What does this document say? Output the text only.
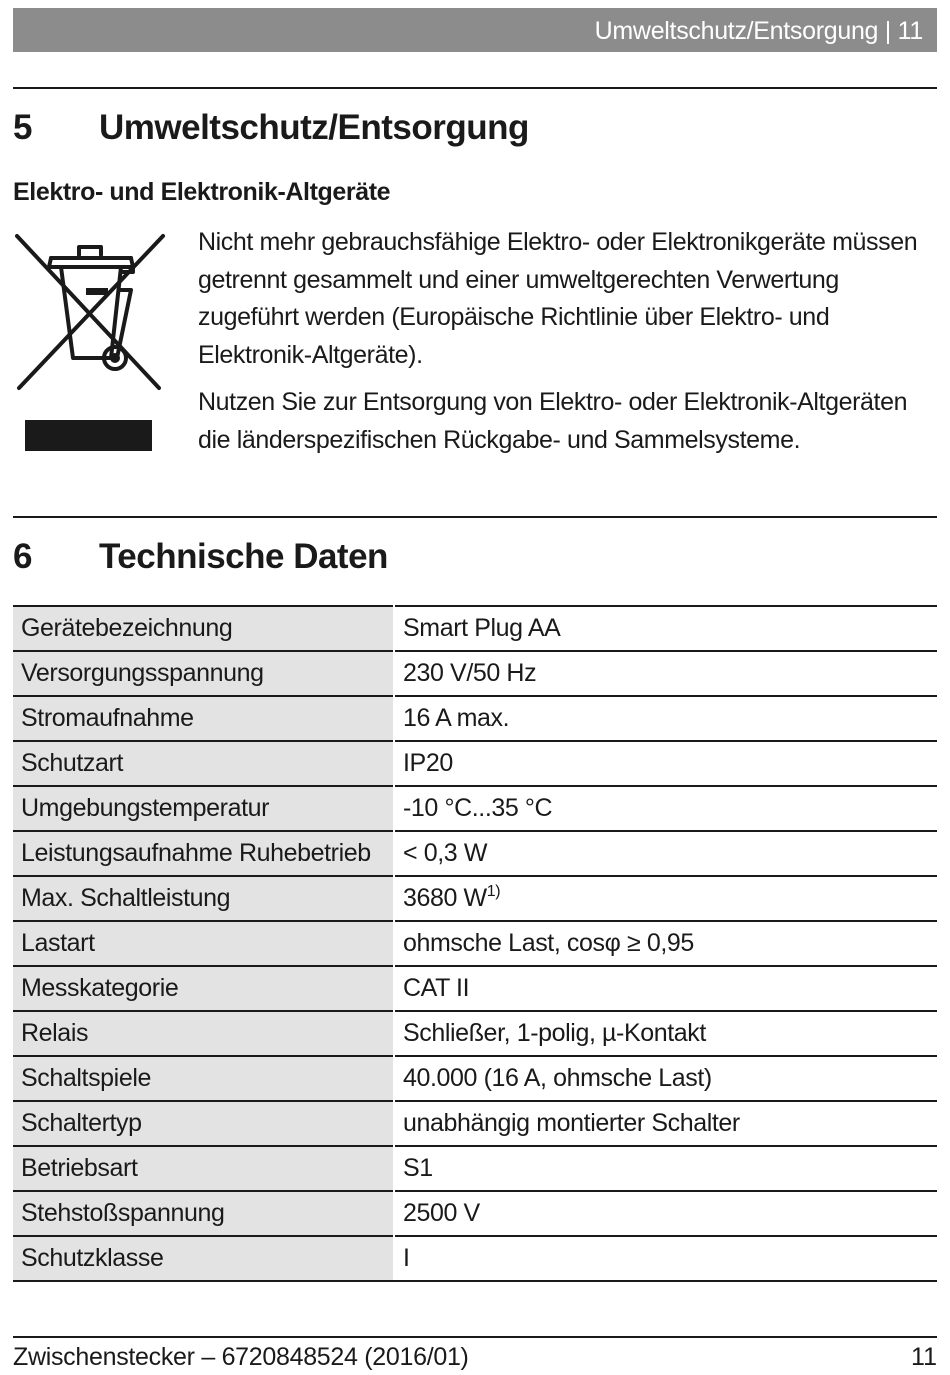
Umweltschutz/Entsorgung | 11
5 Umweltschutz/Entsorgung
Elektro- und Elektronik-Altgeräte

Nicht mehr gebrauchsfähige Elektro- oder Elektronikgeräte müssen getrennt gesammelt und einer umweltgerechten Verwertung zugeführt werden (Europäische Richtlinie über Elektro- und Elektronik-Altgeräte).

Nutzen Sie zur Entsorgung von Elektro- oder Elektronik-Altgeräten die länderspezifischen Rückgabe- und Sammelsysteme.

6 Technische Daten
Gerätebezeichnung	Smart Plug AA
Versorgungsspannung	230 V/50 Hz
Stromaufnahme	16 A max.
Schutzart	IP20
Umgebungstemperatur	-10 °C...35 °C
Leistungsaufnahme Ruhebetrieb	< 0,3 W
Max. Schaltleistung	3680 $W^{1)}$
Lastart	ohmsche Last, cosφ ≥ 0,95
Messkategorie	CAT II
Relais	Schließer, 1-polig, µ-Kontakt
Schaltspiele	40.000 (16 A, ohmsche Last)
Schaltertyp	unabhängig montierter Schalter
Betriebsart	S1
Stehstoßspannung	2500 V
Schutzklasse	I
Zwischenstecker – 6720848524 (2016/01)	11
